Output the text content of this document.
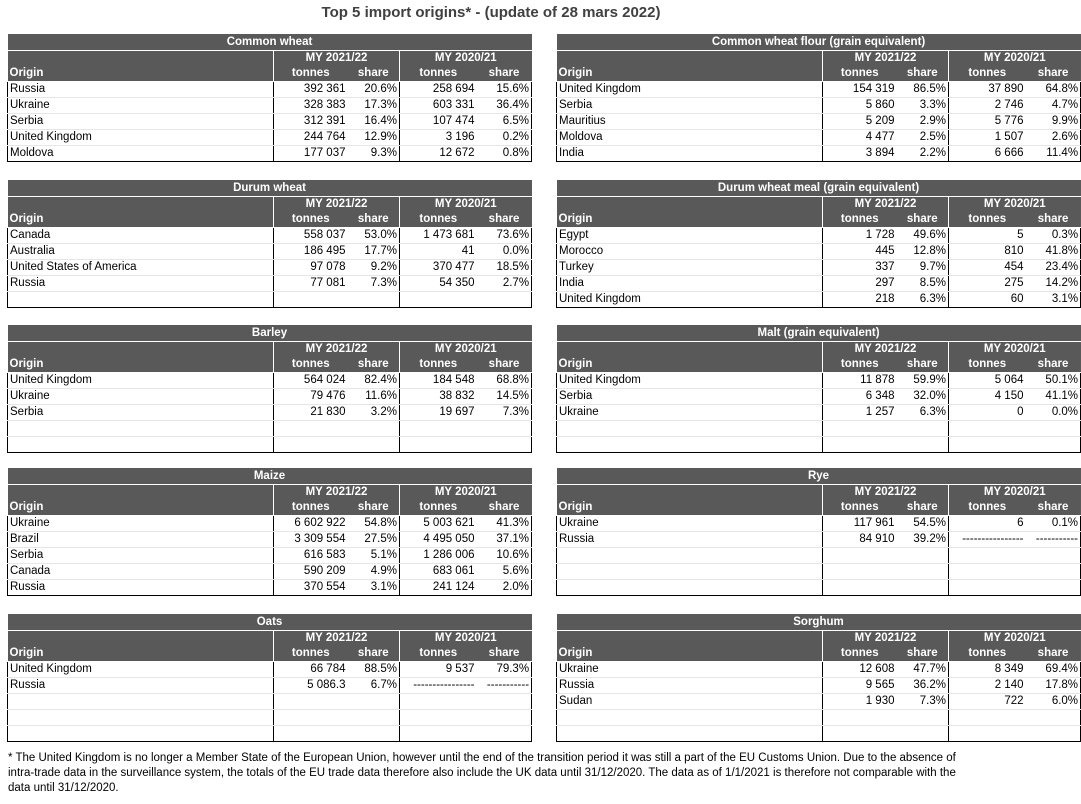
Top 5 import origins* - (update of 28 mars 2022)
Common wheat				
	MY 2021/22		MY 2020/21	
Origin	tonnes	share	tonnes	share
Russia	392 361	20.6%	258 694	15.6%
Ukraine	328 383	17.3%	603 331	36.4%
Serbia	312 391	16.4%	107 474	6.5%
United Kingdom	244 764	12.9%	3 196	0.2%
Moldova	177 037	9.3%	12 672	0.8%
Common wheat flour (grain equivalent)				
	MY 2021/22		MY 2020/21	
Origin	tonnes	share	tonnes	share
United Kingdom	154 319	86.5%	37 890	64.8%
Serbia	5 860	3.3%	2 746	4.7%
Mauritius	5 209	2.9%	5 776	9.9%
Moldova	4 477	2.5%	1 507	2.6%
India	3 894	2.2%	6 666	11.4%
Durum wheat				
	MY 2021/22		MY 2020/21	
Origin	tonnes	share	tonnes	share
Canada	558 037	53.0%	1 473 681	73.6%
Australia	186 495	17.7%	41	0.0%
United States of America	97 078	9.2%	370 477	18.5%
Russia	77 081	7.3%	54 350	2.7%

Durum wheat meal (grain equivalent)				
	MY 2021/22		MY 2020/21	
Origin	tonnes	share	tonnes	share
Egypt	1 728	49.6%	5	0.3%
Morocco	445	12.8%	810	41.8%
Turkey	337	9.7%	454	23.4%
India	297	8.5%	275	14.2%
United Kingdom	218	6.3%	60	3.1%
Barley				
	MY 2021/22		MY 2020/21	
Origin	tonnes	share	tonnes	share
United Kingdom	564 024	82.4%	184 548	68.8%
Ukraine	79 476	11.6%	38 832	14.5%
Serbia	21 830	3.2%	19 697	7.3%

Malt (grain equivalent)				
	MY 2021/22		MY 2020/21	
Origin	tonnes	share	tonnes	share
United Kingdom	11 878	59.9%	5 064	50.1%
Serbia	6 348	32.0%	4 150	41.1%
Ukraine	1 257	6.3%	0	0.0%

Maize				
	MY 2021/22		MY 2020/21	
Origin	tonnes	share	tonnes	share
Ukraine	6 602 922	54.8%	5 003 621	41.3%
Brazil	3 309 554	27.5%	4 495 050	37.1%
Serbia	616 583	5.1%	1 286 006	10.6%
Canada	590 209	4.9%	683 061	5.6%
Russia	370 554	3.1%	241 124	2.0%
Rye				
	MY 2021/22		MY 2020/21	
Origin	tonnes	share	tonnes	share
Ukraine	117 961	54.5%	6	0.1%
Russia	84 910	39.2%	----------------	-----------

Oats				
	MY 2021/22		MY 2020/21	
Origin	tonnes	share	tonnes	share
United Kingdom	66 784	88.5%	9 537	79.3%
Russia	5 086.3	6.7%	----------------	-----------

Sorghum				
	MY 2021/22		MY 2020/21	
Origin	tonnes	share	tonnes	share
Ukraine	12 608	47.7%	8 349	69.4%
Russia	9 565	36.2%	2 140	17.8%
Sudan	1 930	7.3%	722	6.0%

* The United Kingdom is no longer a Member State of the European Union, however until the end of the transition period it was still a part of the EU Customs Union. Due to the absence of intra-trade data in the surveillance system, the totals of the EU trade data therefore also include the UK data until 31/12/2020. The data as of 1/1/2021 is therefore not comparable with the data until 31/12/2020.
